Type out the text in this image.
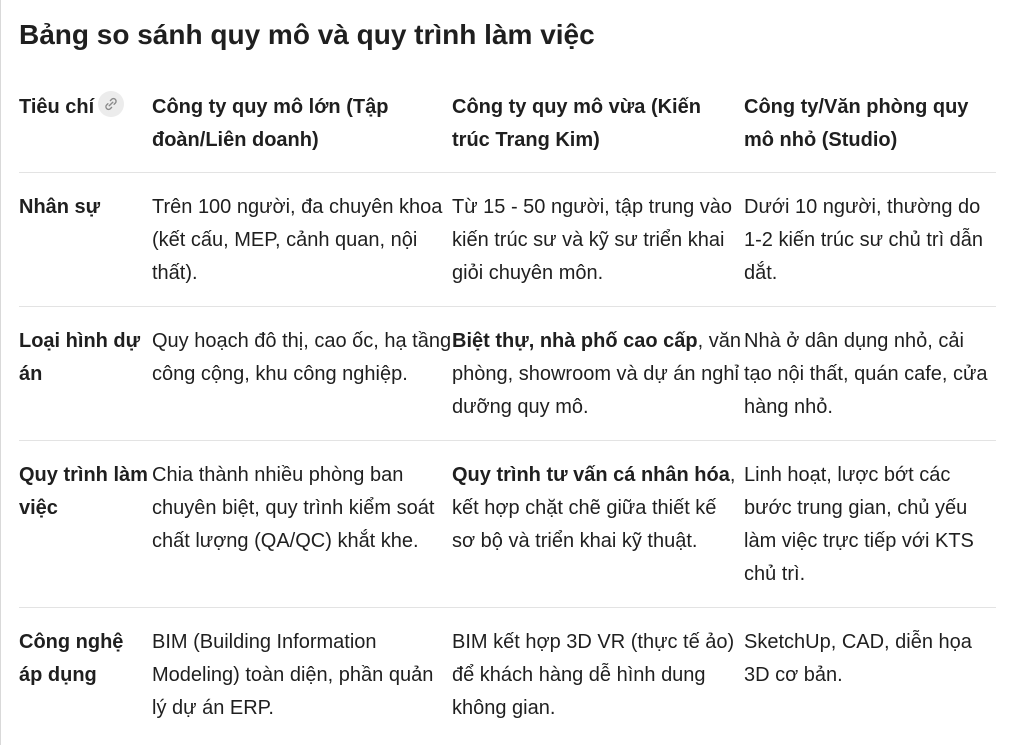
Bảng so sánh quy mô và quy trình làm việc
Tiêu chí	Công ty quy mô lớn (Tập đoàn/Liên doanh)	Công ty quy mô vừa (Kiến trúc Trang Kim)	Công ty/Văn phòng quy mô nhỏ (Studio)
Nhân sự	Trên 100 người, đa chuyên khoa (kết cấu, MEP, cảnh quan, nội thất).	Từ 15 - 50 người, tập trung vào kiến trúc sư và kỹ sư triển khai giỏi chuyên môn.	Dưới 10 người, thường do 1-2 kiến trúc sư chủ trì dẫn dắt.
Loại hình dự án	Quy hoạch đô thị, cao ốc, hạ tầng công cộng, khu công nghiệp.	Biệt thự, nhà phố cao cấp, văn phòng, showroom và dự án nghỉ dưỡng quy mô.	Nhà ở dân dụng nhỏ, cải tạo nội thất, quán cafe, cửa hàng nhỏ.
Quy trình làm việc	Chia thành nhiều phòng ban chuyên biệt, quy trình kiểm soát chất lượng (QA/QC) khắt khe.	Quy trình tư vấn cá nhân hóa, kết hợp chặt chẽ giữa thiết kế sơ bộ và triển khai kỹ thuật.	Linh hoạt, lược bớt các bước trung gian, chủ yếu làm việc trực tiếp với KTS chủ trì.
Công nghệ áp dụng	BIM (Building Information Modeling) toàn diện, phần quản lý dự án ERP.	BIM kết hợp 3D VR (thực tế ảo) để khách hàng dễ hình dung không gian.	SketchUp, CAD, diễn họa 3D cơ bản.
